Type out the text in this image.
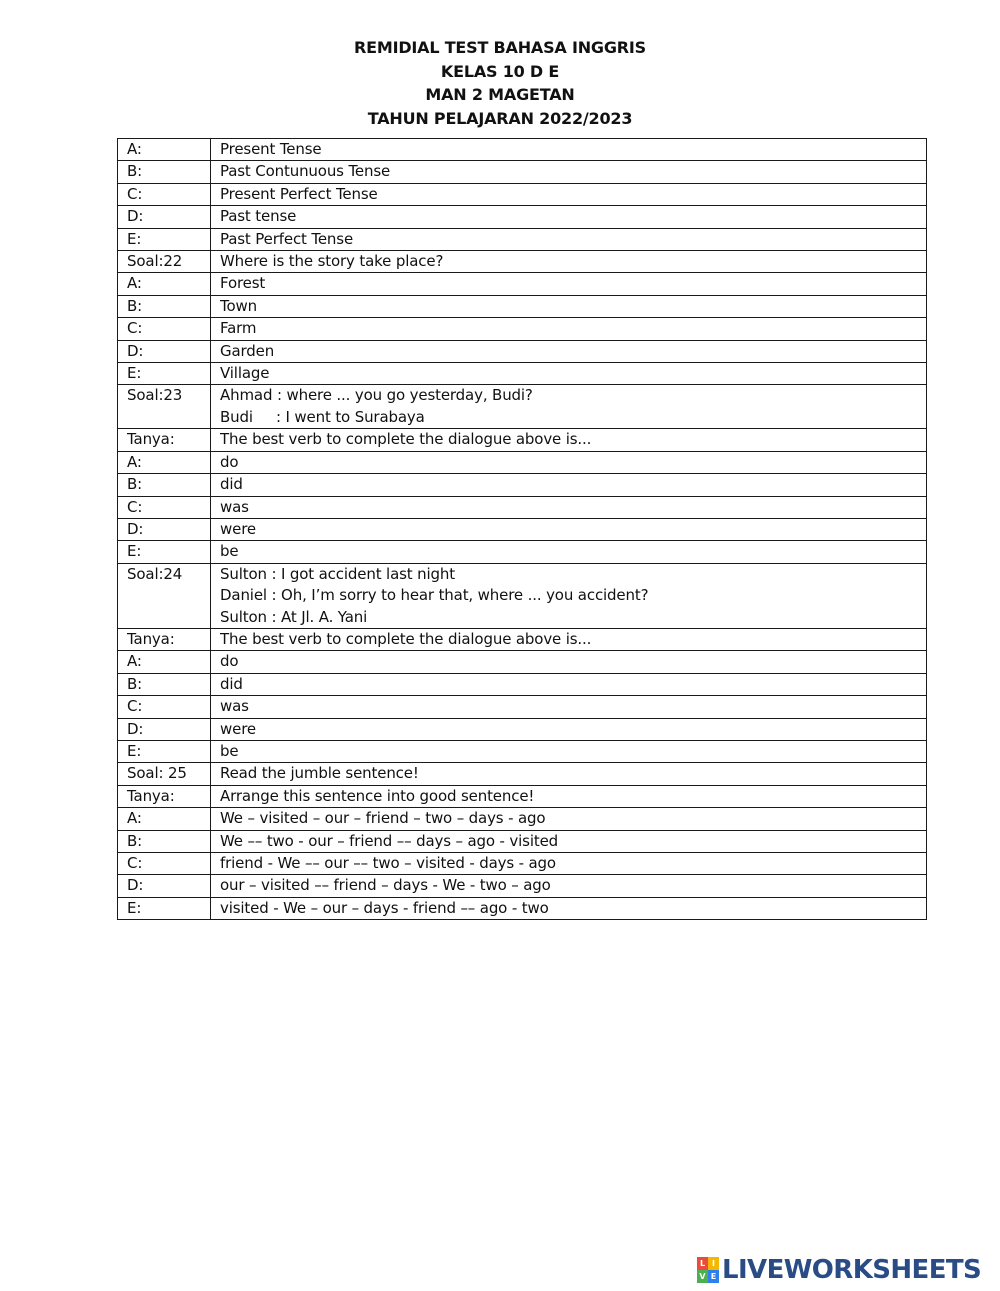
REMIDIAL TEST BAHASA INGGRIS
KELAS 10 D E
MAN 2 MAGETAN
TAHUN PELAJARAN 2022/2023
A:	Present Tense

B:	Past Contunuous Tense

C:	Present Perfect Tense

D:	Past tense

E:	Past Perfect Tense

Soal:22	Where is the story take place?

A:	Forest

B:	Town

C:	Farm

D:	Garden

E:	Village

Soal:23	Ahmad : where ... you go yesterday, Budi?
Budi : I went to Surabaya

Tanya:	The best verb to complete the dialogue above is...

A:	do

B:	did

C:	was

D:	were

E:	be

Soal:24	Sulton : I got accident last night
Daniel : Oh, I’m sorry to hear that, where ... you accident?
Sulton : At Jl. A. Yani

Tanya:	The best verb to complete the dialogue above is...

A:	do

B:	did

C:	was

D:	were

E:	be

Soal: 25	Read the jumble sentence!

Tanya:	Arrange this sentence into good sentence!

A:	We – visited – our – friend – two – days - ago

B:	We –– two - our – friend –– days – ago - visited

C:	friend - We –– our –– two – visited - days - ago

D:	our – visited –– friend – days - We - two – ago

E:	visited - We – our – days - friend –– ago - two
L I
V E LIVEWORKSHEETS
